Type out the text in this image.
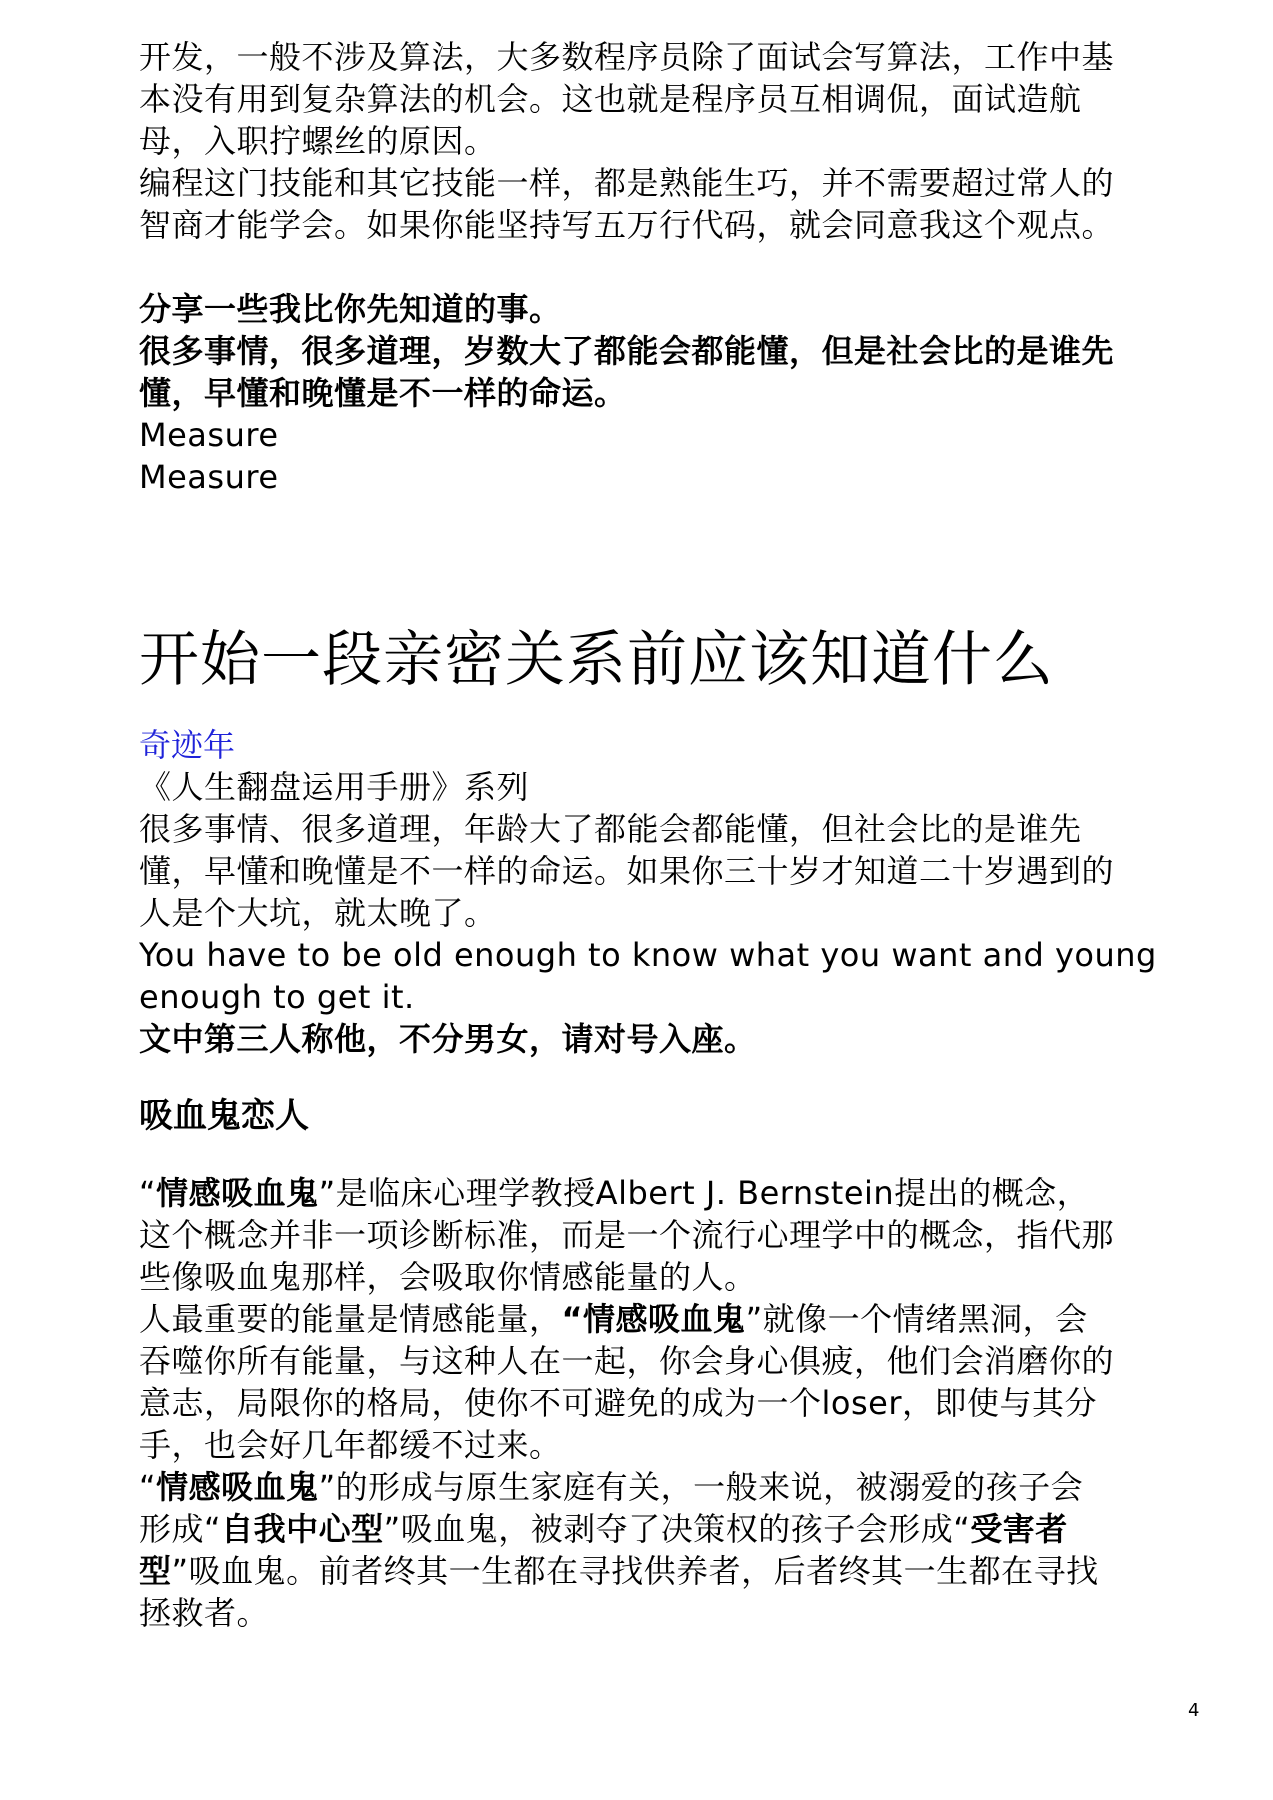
开发，一般不涉及算法，大多数程序员除了面试会写算法，工作中基
本没有用到复杂算法的机会。这也就是程序员互相调侃，面试造航
母，入职拧螺丝的原因。
编程这门技能和其它技能一样，都是熟能生巧，并不需要超过常人的
智商才能学会。如果你能坚持写五万行代码，就会同意我这个观点。
分享一些我比你先知道的事。
很多事情，很多道理，岁数大了都能会都能懂，但是社会比的是谁先
懂，早懂和晚懂是不一样的命运。
Measure
Measure
开始一段亲密关系前应该知道什么
奇迹年
《人生翻盘运用手册》系列
很多事情、很多道理，年龄大了都能会都能懂，但社会比的是谁先
懂，早懂和晚懂是不一样的命运。如果你三十岁才知道二十岁遇到的
人是个大坑，就太晚了。
You have to be old enough to know what you want and young
enough to get it.
文中第三人称他，不分男女，请对号入座。
吸血鬼恋人
“情感吸血鬼”是临床心理学教授Albert J. Bernstein提出的概念，
这个概念并非一项诊断标准，而是一个流行心理学中的概念，指代那
些像吸血鬼那样，会吸取你情感能量的人。
人最重要的能量是情感能量，“情感吸血鬼”就像一个情绪黑洞，会
吞噬你所有能量，与这种人在一起，你会身心俱疲，他们会消磨你的
意志，局限你的格局，使你不可避免的成为一个loser，即使与其分
手，也会好几年都缓不过来。
“情感吸血鬼”的形成与原生家庭有关，一般来说，被溺爱的孩子会
形成“自我中心型”吸血鬼，被剥夺了决策权的孩子会形成“受害者
型”吸血鬼。前者终其一生都在寻找供养者，后者终其一生都在寻找
拯救者。
4
